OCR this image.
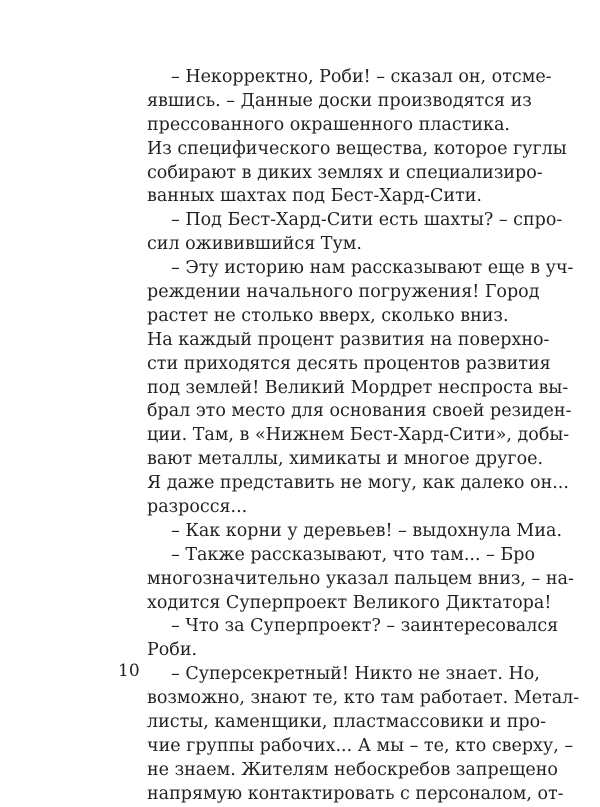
– Некорректно, Роби! – сказал он, отсме-
явшись. – Данные доски производятся из
прессованного окрашенного пластика.
Из специфического вещества, которое гуглы
собирают в диких землях и специализиро-
ванных шахтах под Бест-Хард-Сити.
– Под Бест-Хард-Сити есть шахты? – спро-
сил оживившийся Тум.
– Эту историю нам рассказывают еще в уч-
реждении начального погружения! Город
растет не столько вверх, сколько вниз.
На каждый процент развития на поверхно-
сти приходятся десять процентов развития
под землей! Великий Мордрет неспроста вы-
брал это место для основания своей резиден-
ции. Там, в «Нижнем Бест-Хард-Сити», добы-
вают металлы, химикаты и многое другое.
Я даже представить не могу, как далеко он...
разросся...
– Как корни у деревьев! – выдохнула Миа.
– Также рассказывают, что там... – Бро
многозначительно указал пальцем вниз, – на-
ходится Суперпроект Великого Диктатора!
– Что за Суперпроект? – заинтересовался
Роби.
– Суперсекретный! Никто не знает. Но,
возможно, знают те, кто там работает. Метал-
листы, каменщики, пластмассовики и про-
чие группы рабочих... А мы – те, кто сверху, –
не знаем. Жителям небоскребов запрещено
напрямую контактировать с персоналом, от-
10
